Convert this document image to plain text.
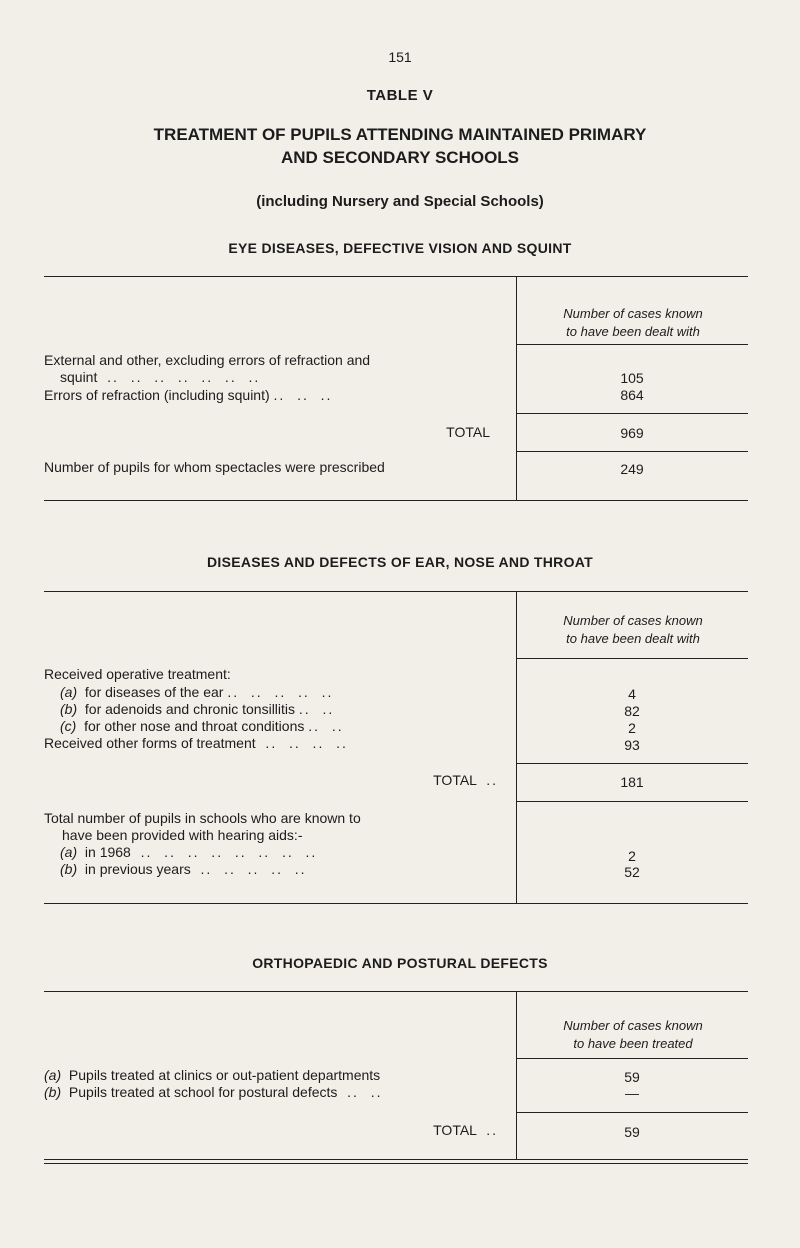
151
TABLE V
TREATMENT OF PUPILS ATTENDING MAINTAINED PRIMARY
AND SECONDARY SCHOOLS
(including Nursery and Special Schools)
EYE DISEASES, DEFECTIVE VISION AND SQUINT
Number of cases known
to have been dealt with
External and other, excluding errors of refraction and
squint  ..  ..  ..  ..  ..  ..  ..	105
Errors of refraction (including squint) ..  ..  ..	864
TOTAL	969
Number of pupils for whom spectacles were prescribed	249
DISEASES AND DEFECTS OF EAR, NOSE AND THROAT
Number of cases known
to have been dealt with
Received operative treatment:
(a) for diseases of the ear ..  ..  ..  ..  ..	4
(b) for adenoids and chronic tonsillitis ..  ..	82
(c) for other nose and throat conditions ..  ..	2
Received other forms of treatment  ..  ..  ..  ..	93
TOTAL  ..	181
Total number of pupils in schools who are known to
have been provided with hearing aids:-
(a) in 1968  ..  ..  ..  ..  ..  ..  ..  ..	2
(b) in previous years  ..  ..  ..  ..  ..	52
ORTHOPAEDIC AND POSTURAL DEFECTS
Number of cases known
to have been treated
(a) Pupils treated at clinics or out-patient departments	59
(b) Pupils treated at school for postural defects  ..  ..	—
TOTAL  ..	59
